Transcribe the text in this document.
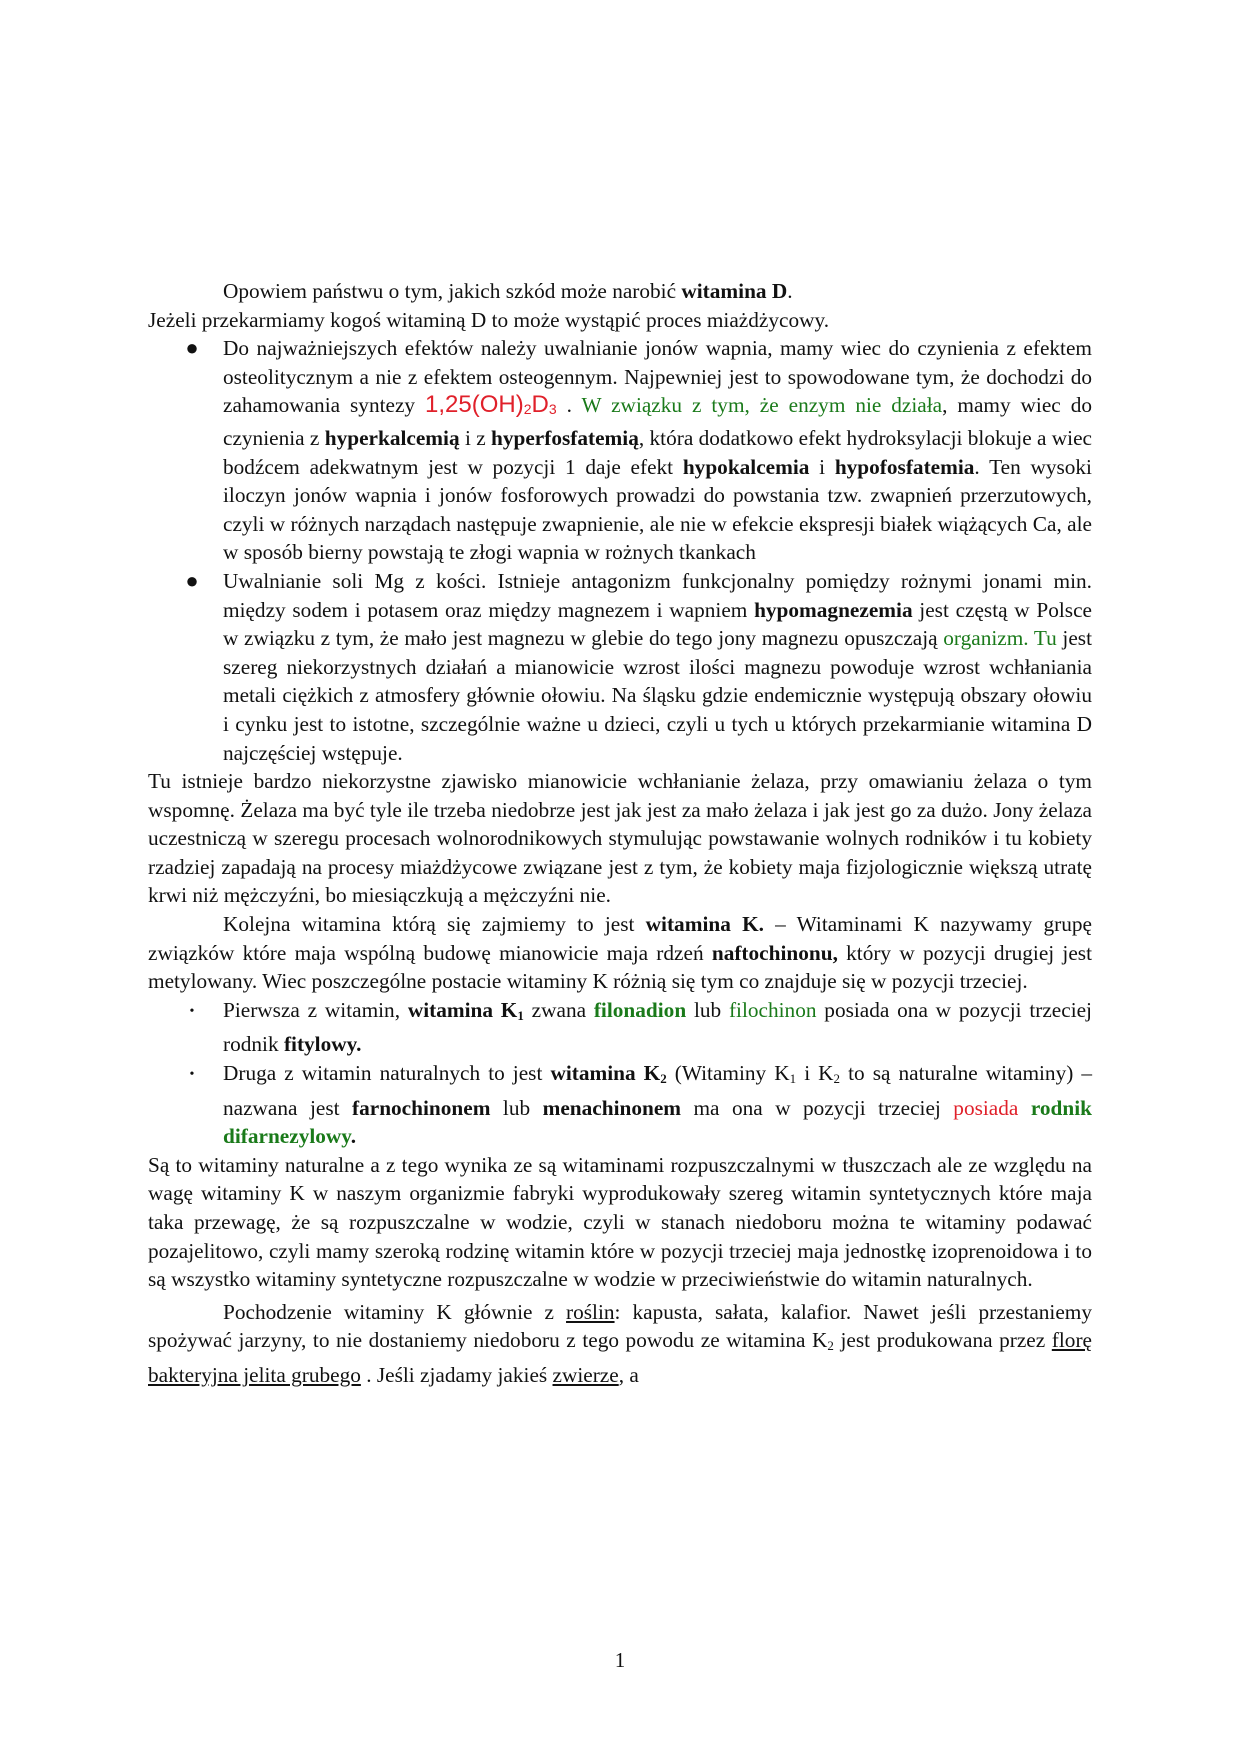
Opowiem państwu o tym, jakich szkód może narobić witamina D.

Jeżeli przekarmiamy kogoś witaminą D to może wystąpić proces miażdżycowy.

● Do najważniejszych efektów należy uwalnianie jonów wapnia, mamy wiec do czynienia z efektem osteolitycznym a nie z efektem osteogennym. Najpewniej jest to spowodowane tym, że dochodzi do zahamowania syntezy $1,25(OH)_2D_3$ . W związku z tym, że enzym nie działa, mamy wiec do czynienia z hyperkalcemią i z hyperfosfatemią, która dodatkowo efekt hydroksylacji blokuje a wiec bodźcem adekwatnym jest w pozycji 1 daje efekt hypokalcemia i hypofosfatemia. Ten wysoki iloczyn jonów wapnia i jonów fosforowych prowadzi do powstania tzw. zwapnień przerzutowych, czyli w różnych narządach następuje zwapnienie, ale nie w efekcie ekspresji białek wiążących Ca, ale w sposób bierny powstają te złogi wapnia w rożnych tkankach
● Uwalnianie soli Mg z kości. Istnieje antagonizm funkcjonalny pomiędzy rożnymi jonami min. między sodem i potasem oraz między magnezem i wapniem hypomagnezemia jest częstą w Polsce w związku z tym, że mało jest magnezu w glebie do tego jony magnezu opuszczają organizm. Tu jest szereg niekorzystnych działań a mianowicie wzrost ilości magnezu powoduje wzrost wchłaniania metali ciężkich z atmosfery głównie ołowiu. Na śląsku gdzie endemicznie występują obszary ołowiu i cynku jest to istotne, szczególnie ważne u dzieci, czyli u tych u których przekarmianie witamina D najczęściej wstępuje.

Tu istnieje bardzo niekorzystne zjawisko mianowicie wchłanianie żelaza, przy omawianiu żelaza o tym wspomnę. Żelaza ma być tyle ile trzeba niedobrze jest jak jest za mało żelaza i jak jest go za dużo. Jony żelaza uczestniczą w szeregu procesach wolnorodnikowych stymulując powstawanie wolnych rodników i tu kobiety rzadziej zapadają na procesy miażdżycowe związane jest z tym, że kobiety maja fizjologicznie większą utratę krwi niż mężczyźni, bo miesiączkują a mężczyźni nie.

Kolejna witamina którą się zajmiemy to jest witamina K. – Witaminami K nazywamy grupę związków które maja wspólną budowę mianowicie maja rdzeń naftochinonu, który w pozycji drugiej jest metylowany. Wiec poszczególne postacie witaminy K różnią się tym co znajduje się w pozycji trzeciej.

• Pierwsza z witamin, witamina $K_1$ zwana filonadion lub filochinon posiada ona w pozycji trzeciej rodnik fitylowy.
• Druga z witamin naturalnych to jest witamina $K_2$ (Witaminy $K_1$ i $K_2$ to są naturalne witaminy) – nazwana jest farnochinonem lub menachinonem ma ona w pozycji trzeciej posiada rodnik difarnezylowy.

Są to witaminy naturalne a z tego wynika ze są witaminami rozpuszczalnymi w tłuszczach ale ze względu na wagę witaminy K w naszym organizmie fabryki wyprodukowały szereg witamin syntetycznych które maja taka przewagę, że są rozpuszczalne w wodzie, czyli w stanach niedoboru można te witaminy podawać pozajelitowo, czyli mamy szeroką rodzinę witamin które w pozycji trzeciej maja jednostkę izoprenoidowa i to są wszystko witaminy syntetyczne rozpuszczalne w wodzie w przeciwieństwie do witamin naturalnych.

Pochodzenie witaminy K głównie z roślin: kapusta, sałata, kalafior. Nawet jeśli przestaniemy spożywać jarzyny, to nie dostaniemy niedoboru z tego powodu ze witamina $K_2$ jest produkowana przez florę bakteryjna jelita grubego . Jeśli zjadamy jakieś zwierze, a

1
